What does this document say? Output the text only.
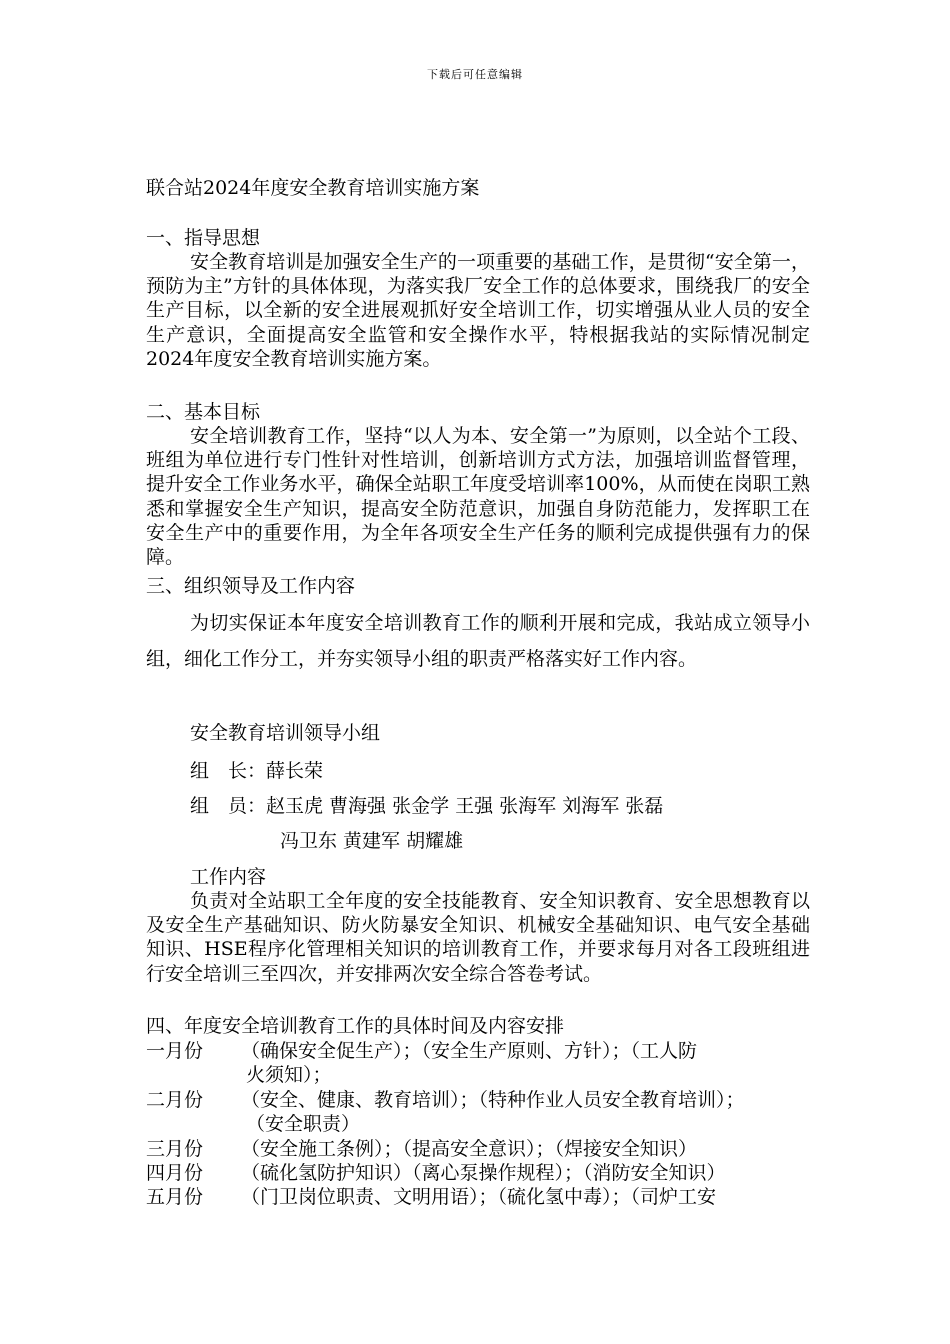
下载后可任意编辑
联合站2024年度安全教育培训实施方案
一、指导思想
安全教育培训是加强安全生产的一项重要的基础工作，是贯彻“安全第一，预防为主”方针的具体体现，为落实我厂安全工作的总体要求，围绕我厂的安全生产目标，以全新的安全进展观抓好安全培训工作，切实增强从业人员的安全生产意识，全面提高安全监管和安全操作水平，特根据我站的实际情况制定2024年度安全教育培训实施方案。
二、基本目标
安全培训教育工作，坚持“以人为本、安全第一”为原则，以全站个工段、班组为单位进行专门性针对性培训，创新培训方式方法，加强培训监督管理，提升安全工作业务水平，确保全站职工年度受培训率100%，从而使在岗职工熟悉和掌握安全生产知识，提高安全防范意识，加强自身防范能力，发挥职工在安全生产中的重要作用，为全年各项安全生产任务的顺利完成提供强有力的保障。
三、组织领导及工作内容
为切实保证本年度安全培训教育工作的顺利开展和完成，我站成立领导小组，细化工作分工，并夯实领导小组的职责严格落实好工作内容。
安全教育培训领导小组
组　长：薛长荣
组　员：赵玉虎 曹海强 张金学 王强 张海军 刘海军 张磊
冯卫东 黄建军 胡耀雄
工作内容
负责对全站职工全年度的安全技能教育、安全知识教育、安全思想教育以及安全生产基础知识、防火防暴安全知识、机械安全基础知识、电气安全基础知识、HSE程序化管理相关知识的培训教育工作，并要求每月对各工段班组进行安全培训三至四次，并安排两次安全综合答卷考试。
四、年度安全培训教育工作的具体时间及内容安排
一月份 （确保安全促生产）；（安全生产原则、方针）；（工人防
火须知）；
二月份 （安全、健康、教育培训）；（特种作业人员安全教育培训）；
（安全职责）
三月份 （安全施工条例）；（提高安全意识）；（焊接安全知识）
四月份 （硫化氢防护知识）（离心泵操作规程）；（消防安全知识）
五月份 （门卫岗位职责、文明用语）；（硫化氢中毒）；（司炉工安
